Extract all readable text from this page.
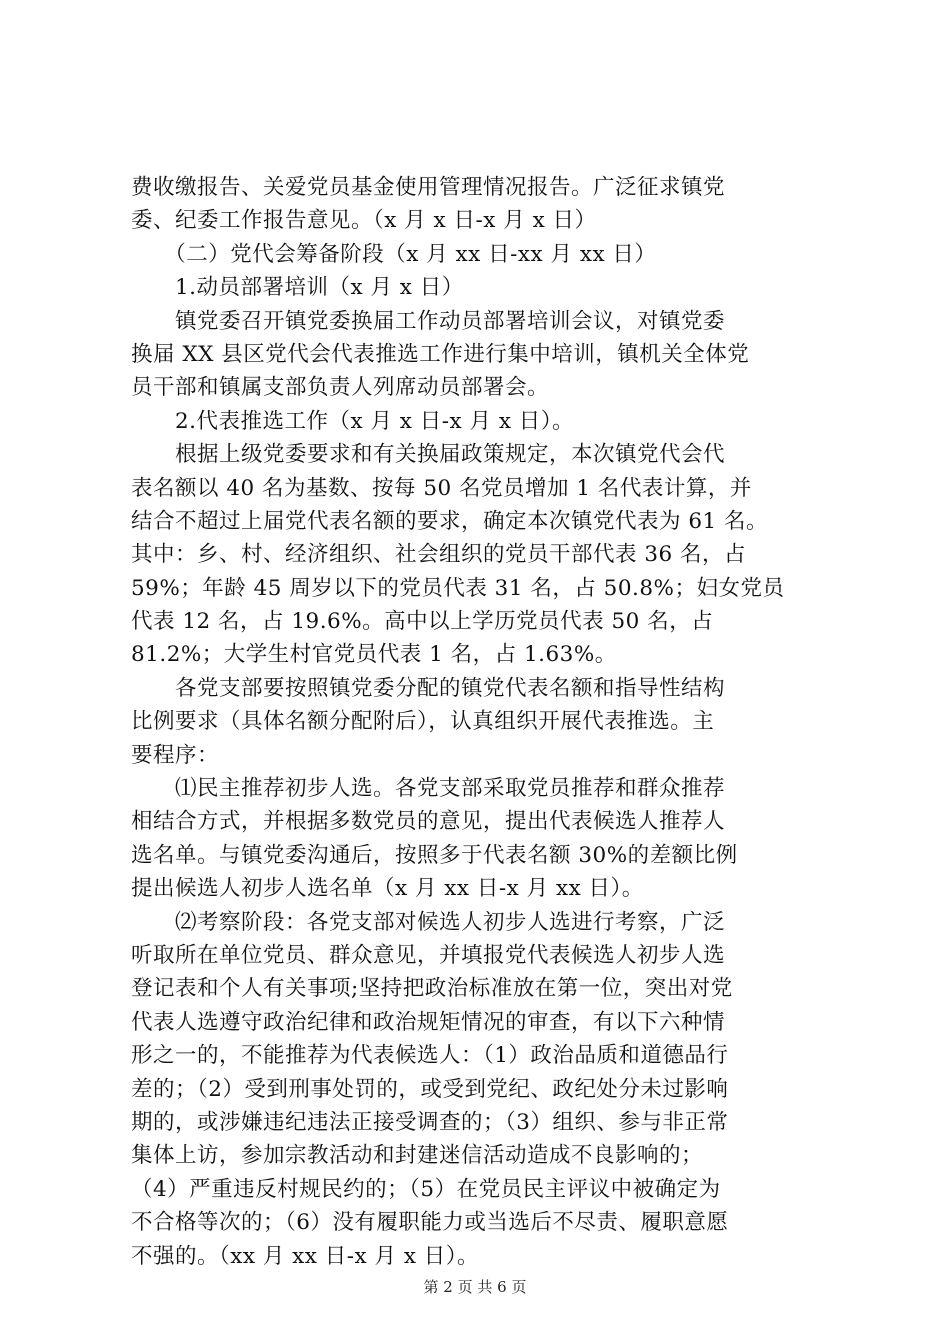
费收缴报告、关爱党员基金使用管理情况报告。广泛征求镇党
委、纪委工作报告意见。（x 月 x 日-x 月 x 日）
　　（二）党代会筹备阶段（x 月 xx 日-xx 月 xx 日）
　　1.动员部署培训（x 月 x 日）
　　镇党委召开镇党委换届工作动员部署培训会议，对镇党委
换届 XX 县区党代会代表推选工作进行集中培训，镇机关全体党
员干部和镇属支部负责人列席动员部署会。
　　2.代表推选工作（x 月 x 日-x 月 x 日）。
　　根据上级党委要求和有关换届政策规定，本次镇党代会代
表名额以 40 名为基数、按每 50 名党员增加 1 名代表计算，并
结合不超过上届党代表名额的要求，确定本次镇党代表为 61 名。
其中：乡、村、经济组织、社会组织的党员干部代表 36 名，占
59%；年龄 45 周岁以下的党员代表 31 名，占 50.8%；妇女党员
代表 12 名，占 19.6%。高中以上学历党员代表 50 名，占
81.2%；大学生村官党员代表 1 名，占 1.63%。
　　各党支部要按照镇党委分配的镇党代表名额和指导性结构
比例要求（具体名额分配附后），认真组织开展代表推选。主
要程序：
　　⑴民主推荐初步人选。各党支部采取党员推荐和群众推荐
相结合方式，并根据多数党员的意见，提出代表候选人推荐人
选名单。与镇党委沟通后，按照多于代表名额 30%的差额比例
提出候选人初步人选名单（x 月 xx 日-x 月 xx 日）。
　　⑵考察阶段：各党支部对候选人初步人选进行考察，广泛
听取所在单位党员、群众意见，并填报党代表候选人初步人选
登记表和个人有关事项;坚持把政治标准放在第一位，突出对党
代表人选遵守政治纪律和政治规矩情况的审查，有以下六种情
形之一的，不能推荐为代表候选人：（1）政治品质和道德品行
差的；（2）受到刑事处罚的，或受到党纪、政纪处分未过影响
期的，或涉嫌违纪违法正接受调查的；（3）组织、参与非正常
集体上访，参加宗教活动和封建迷信活动造成不良影响的；
（4）严重违反村规民约的；（5）在党员民主评议中被确定为
不合格等次的；（6）没有履职能力或当选后不尽责、履职意愿
不强的。（xx 月 xx 日-x 月 x 日）。
第 2 页 共 6 页
